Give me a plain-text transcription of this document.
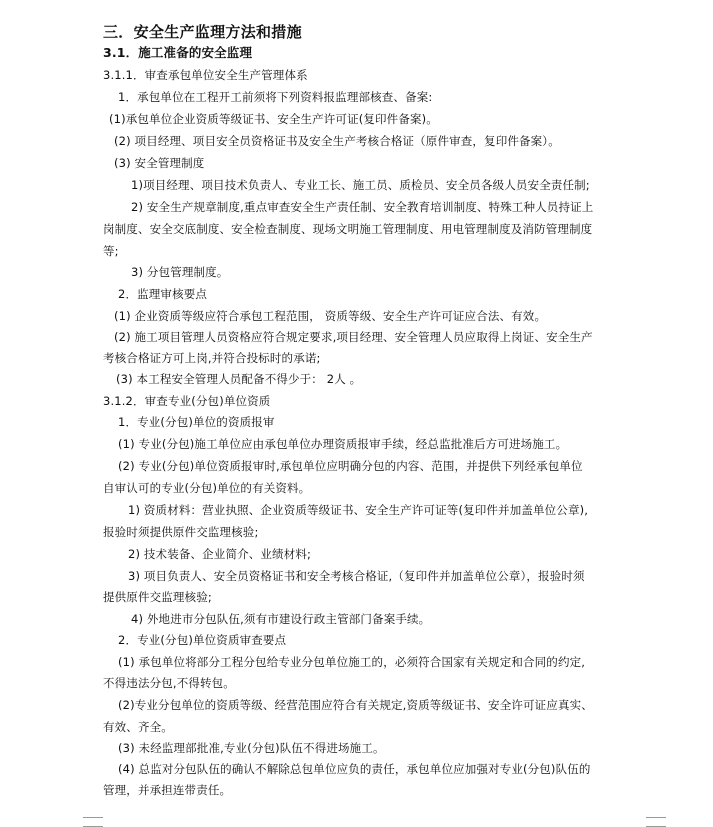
三．安全生产监理方法和措施
3.1．施工准备的安全监理
3.1.1．审查承包单位安全生产管理体系
1．承包单位在工程开工前须将下列资料报监理部核查、备案:
(1)承包单位企业资质等级证书、安全生产许可证(复印件备案)。
(2) 项目经理、项目安全员资格证书及安全生产考核合格证（原件审查，复印件备案）。
(3) 安全管理制度
1)项目经理、项目技术负责人、专业工长、施工员、质检员、安全员各级人员安全责任制;
2) 安全生产规章制度,重点审查安全生产责任制、安全教育培训制度、特殊工种人员持证上
岗制度、安全交底制度、安全检查制度、现场文明施工管理制度、用电管理制度及消防管理制度
等;
3) 分包管理制度。
2．监理审核要点
(1) 企业资质等级应符合承包工程范围， 资质等级、安全生产许可证应合法、有效。
(2) 施工项目管理人员资格应符合规定要求,项目经理、安全管理人员应取得上岗证、安全生产
考核合格证方可上岗,并符合投标时的承诺;
(3) 本工程安全管理人员配备不得少于： 2人 。
3.1.2．审查专业(分包)单位资质
1．专业(分包)单位的资质报审
(1) 专业(分包)施工单位应由承包单位办理资质报审手续，经总监批准后方可进场施工。
(2) 专业(分包)单位资质报审时,承包单位应明确分包的内容、范围，并提供下列经承包单位
自审认可的专业(分包)单位的有关资料。
1) 资质材料：营业执照、企业资质等级证书、安全生产许可证等(复印件并加盖单位公章),
报验时须提供原件交监理核验;
2) 技术装备、企业简介、业绩材料;
3) 项目负责人、安全员资格证书和安全考核合格证,（复印件并加盖单位公章），报验时须
提供原件交监理核验;
4) 外地进市分包队伍,须有市建设行政主管部门备案手续。
2．专业(分包)单位资质审查要点
(1) 承包单位将部分工程分包给专业分包单位施工的，必须符合国家有关规定和合同的约定,
不得违法分包,不得转包。
(2)专业分包单位的资质等级、经营范围应符合有关规定,资质等级证书、安全许可证应真实、
有效、齐全。
(3) 未经监理部批准,专业(分包)队伍不得进场施工。
(4) 总监对分包队伍的确认不解除总包单位应负的责任，承包单位应加强对专业(分包)队伍的
管理，并承担连带责任。
